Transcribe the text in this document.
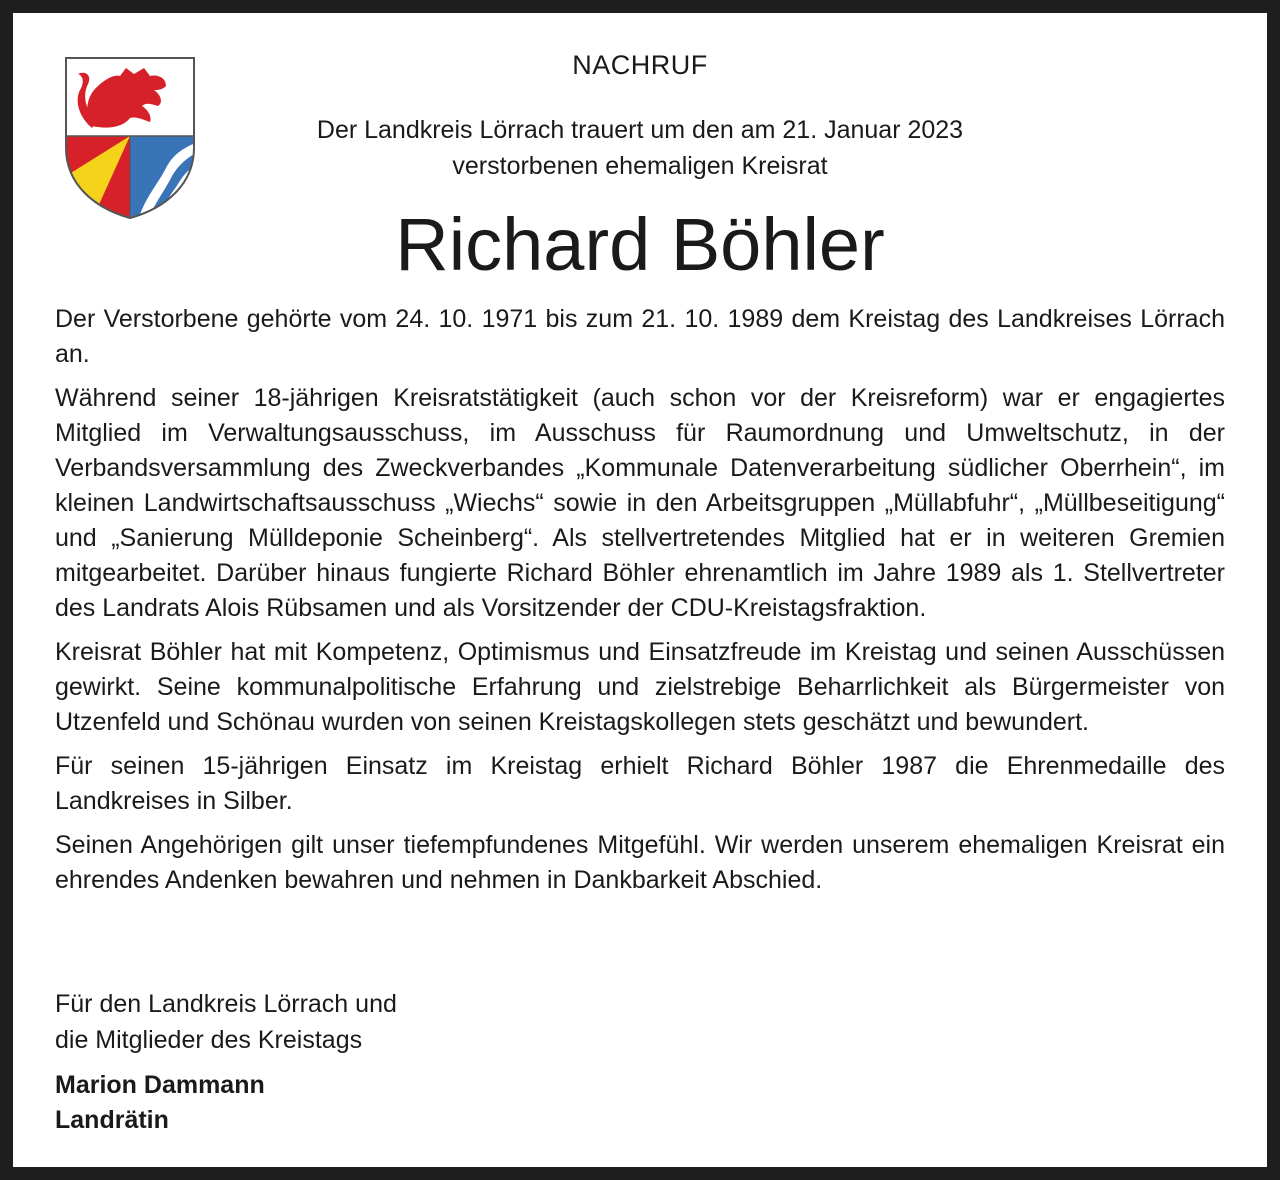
NACHRUF
Der Landkreis Lörrach trauert um den am 21. Januar 2023
verstorbenen ehemaligen Kreisrat
Richard Böhler

Der Verstorbene gehörte vom 24. 10. 1971 bis zum 21. 10. 1989 dem Kreistag des Landkreises Lörrach an.

Während seiner 18-jährigen Kreisratstätigkeit (auch schon vor der Kreisreform) war er engagiertes Mitglied im Verwaltungsausschuss, im Ausschuss für Raumordnung und Umweltschutz, in der Verbandsversammlung des Zweckverbandes „Kommunale Datenverarbeitung südlicher Oberrhein“, im kleinen Landwirtschaftsausschuss „Wiechs“ sowie in den Arbeitsgruppen „Müllabfuhr“, „Müllbeseitigung“ und „Sanierung Mülldeponie Scheinberg“. Als stellvertretendes Mitglied hat er in weiteren Gremien mitgearbeitet. Darüber hinaus fungierte Richard Böhler ehrenamtlich im Jahre 1989 als 1. Stellvertreter des Landrats Alois Rübsamen und als Vorsitzender der CDU-Kreistagsfraktion.

Kreisrat Böhler hat mit Kompetenz, Optimismus und Einsatzfreude im Kreistag und seinen Ausschüssen gewirkt. Seine kommunalpolitische Erfahrung und zielstrebige Beharrlichkeit als Bürgermeister von Utzenfeld und Schönau wurden von seinen Kreistagskollegen stets geschätzt und bewundert.

Für seinen 15-jährigen Einsatz im Kreistag erhielt Richard Böhler 1987 die Ehrenmedaille des Landkreises in Silber.

Seinen Angehörigen gilt unser tiefempfundenes Mitgefühl. Wir werden unserem ehemaligen Kreisrat ein ehrendes Andenken bewahren und nehmen in Dankbarkeit Abschied.

Für den Landkreis Lörrach und
die Mitglieder des Kreistags
Marion Dammann
Landrätin
